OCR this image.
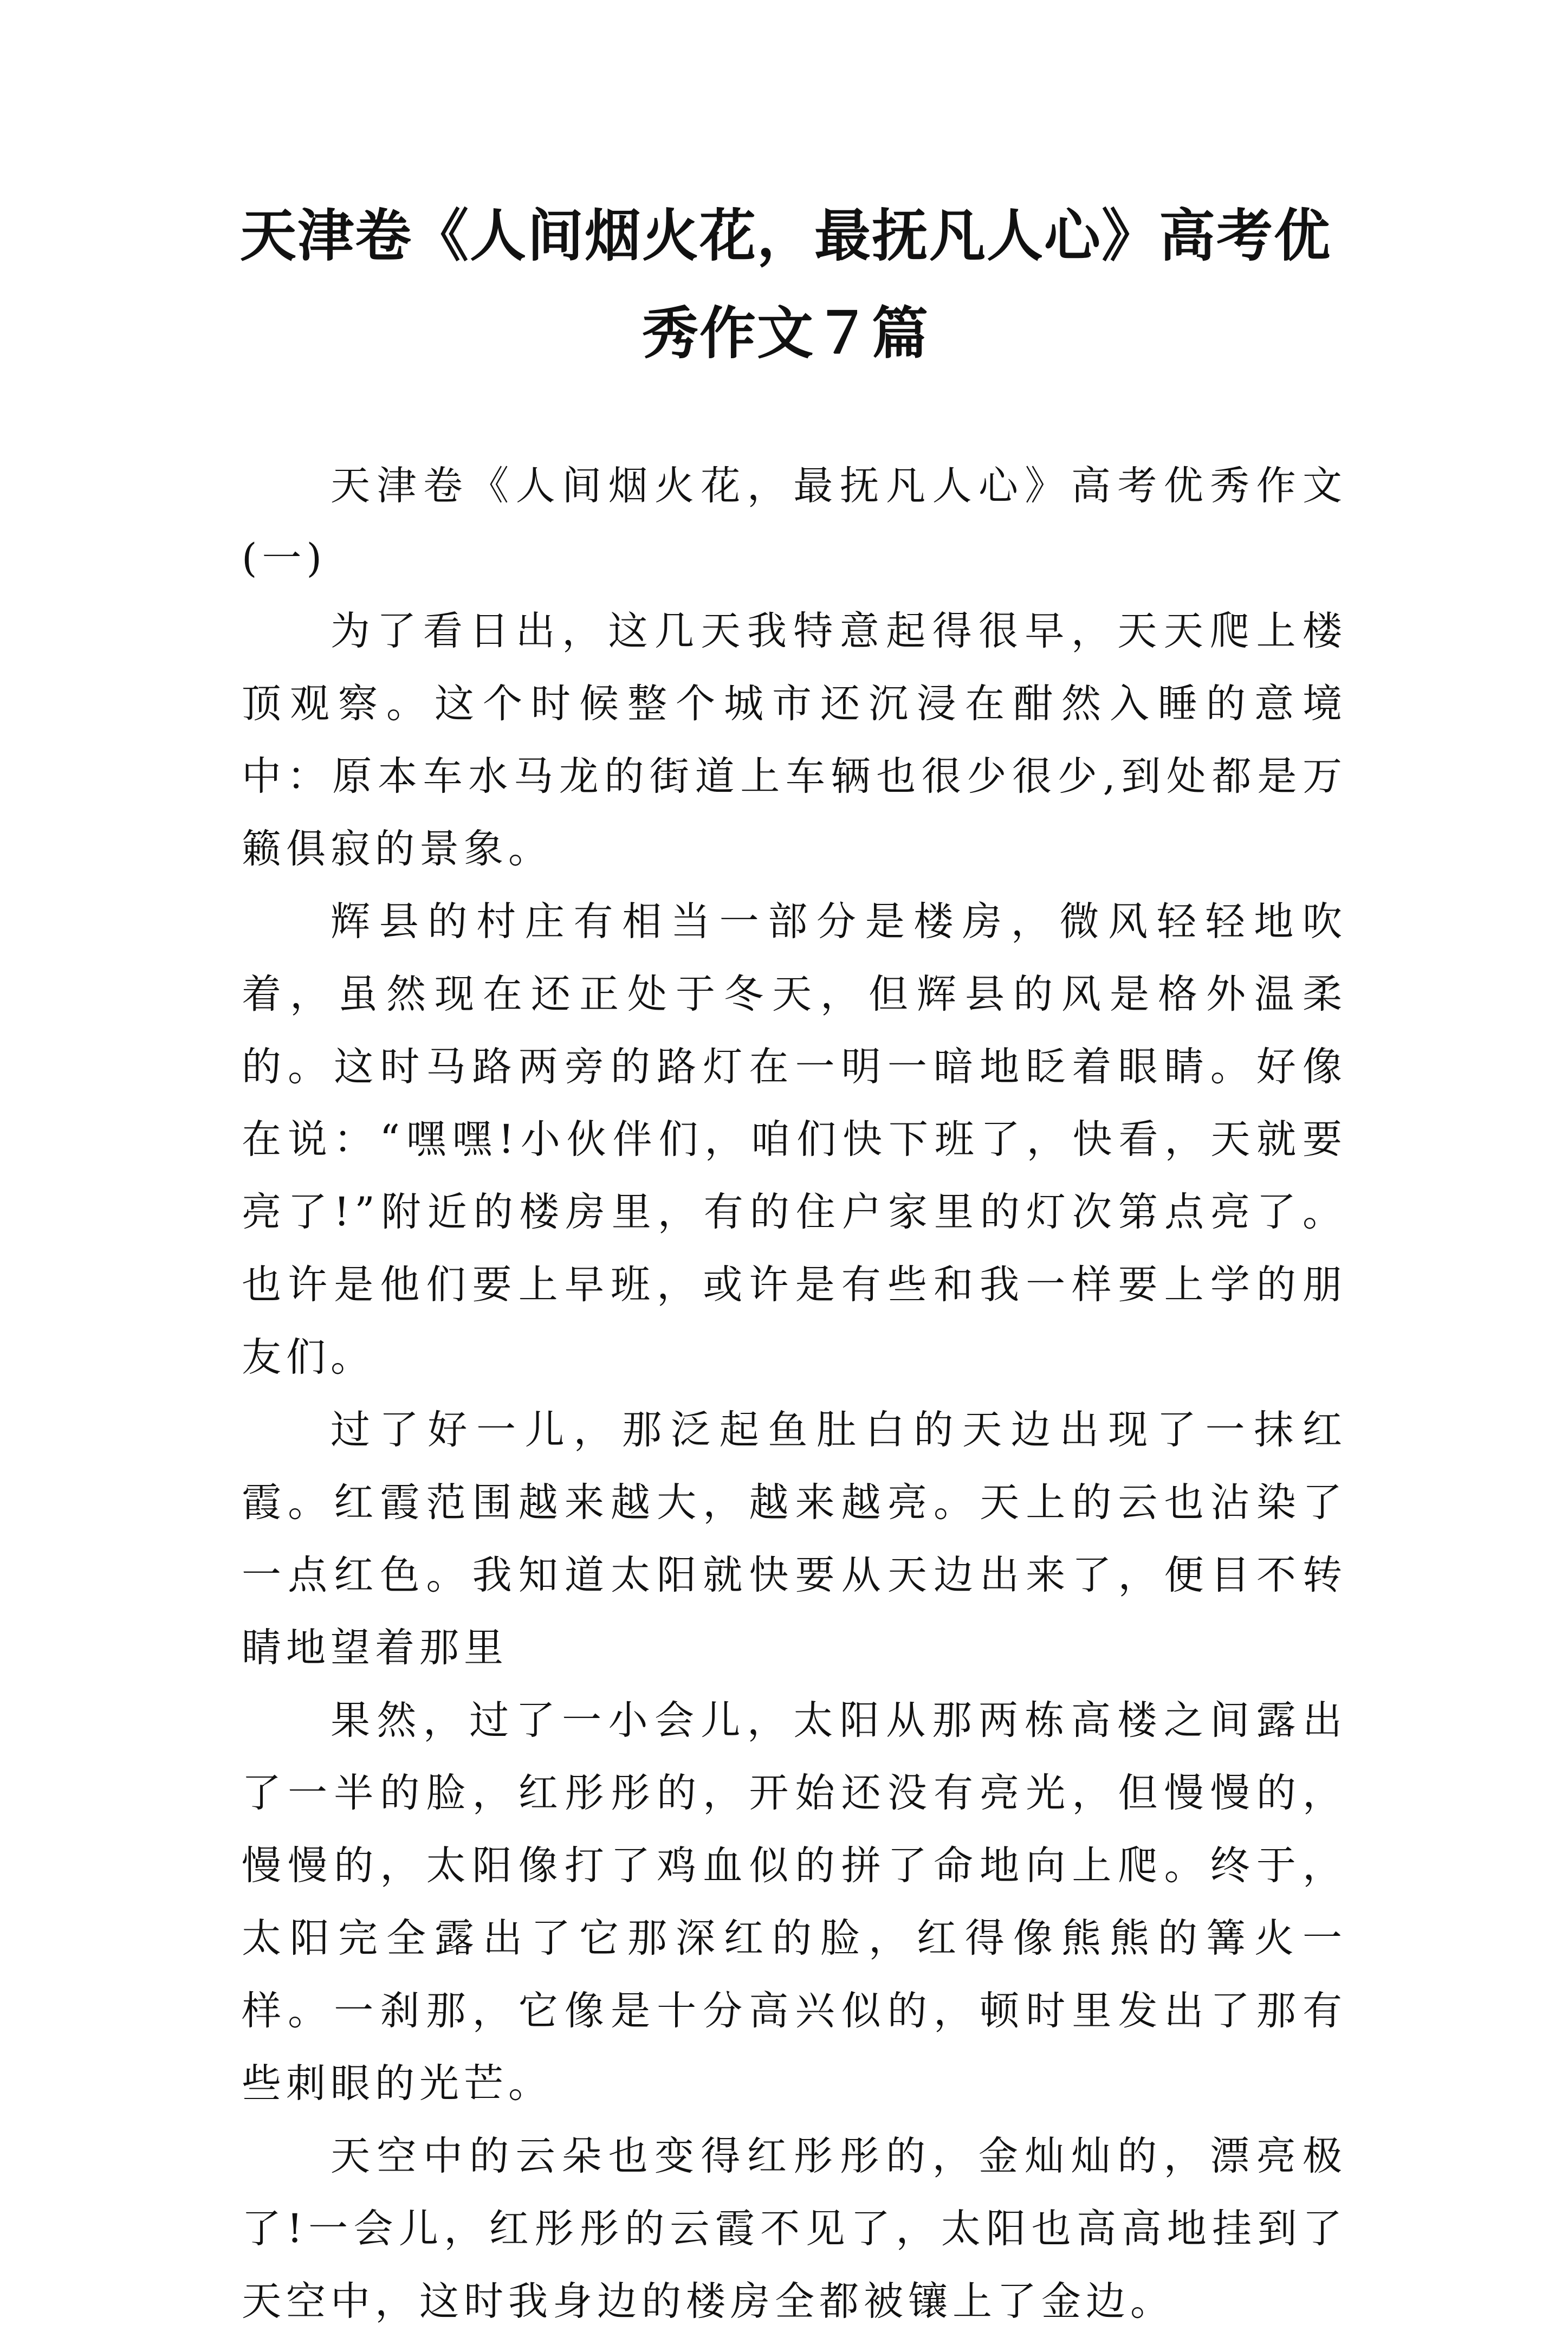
天津卷《人间烟火花，最抚凡人心》高考优
秀作文７篇

天津卷《人间烟火花，最抚凡人心》高考优秀作文(一)

为了看日出，这几天我特意起得很早，天天爬上楼顶观察。这个时候整个城市还沉浸在酣然入睡的意境中：原本车水马龙的街道上车辆也很少很少,到处都是万籁俱寂的景象。

辉县的村庄有相当一部分是楼房，微风轻轻地吹着，虽然现在还正处于冬天，但辉县的风是格外温柔的。这时马路两旁的路灯在一明一暗地眨着眼睛。好像在说：“嘿嘿!小伙伴们，咱们快下班了，快看，天就要亮了!”附近的楼房里，有的住户家里的灯次第点亮了。也许是他们要上早班，或许是有些和我一样要上学的朋友们。

过了好一儿，那泛起鱼肚白的天边出现了一抹红霞。红霞范围越来越大，越来越亮。天上的云也沾染了一点红色。我知道太阳就快要从天边出来了，便目不转睛地望着那里

果然，过了一小会儿，太阳从那两栋高楼之间露出了一半的脸，红彤彤的，开始还没有亮光，但慢慢的，慢慢的，太阳像打了鸡血似的拼了命地向上爬。终于，太阳完全露出了它那深红的脸，红得像熊熊的篝火一样。一刹那，它像是十分高兴似的，顿时里发出了那有些刺眼的光芒。

天空中的云朵也变得红彤彤的，金灿灿的，漂亮极了!一会儿，红彤彤的云霞不见了，太阳也高高地挂到了天空中，这时我身边的楼房全都被镶上了金边。
